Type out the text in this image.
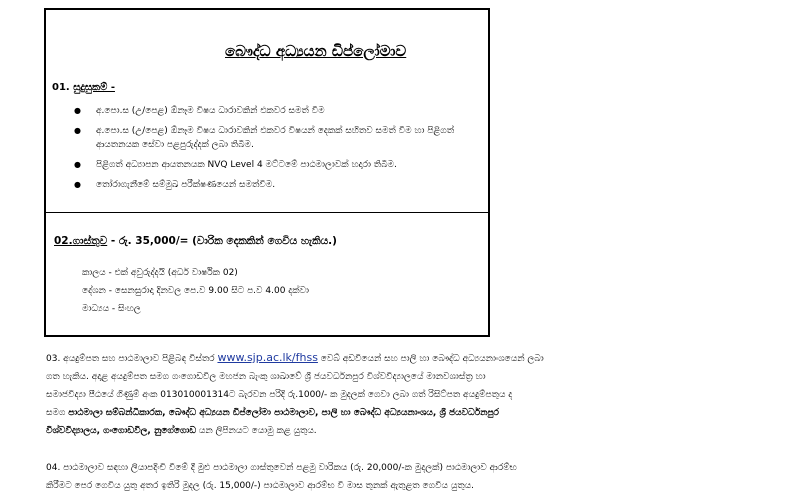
බෞද්ධ අධ්‍යයන ඩිප්ලෝමාව
01. සුදුසුකම් -
● අ.පො.ස (උ/පෙළ) ඕනෑම විෂය ධාරාවකින් එකවර සමත් වීම
● අ.පො.ස (උ/පෙළ) ඕනෑම විෂය ධාරාවකින් එකවර විෂයන් දෙකක් සහිතව සමත් වීම හා පිළිගත් ආයතනයක සේවා පළපුරුද්දක් ලබා තිබීම.
● පිළිගත් අධ්‍යාපන ආයතනයක NVQ Level 4 මට්ටමේ පාඨමාලාවක් හදාරා තිබීම.
● තෝරාගැනීමේ සම්මුඛ පරීක්ෂණයෙන් සමත්වීම.
02.ගාස්තුව - රු. 35,000/= (වාරික දෙකකින් ගෙවිය හැකිය.)
කාලය - එක් අවුරුද්දයි (අර්ධ වාර්ෂික 02)
දේශන - සෙනසුරාදා දිනවල පෙ.ව 9.00 සිට ප.ව 4.00 දක්වා
මාධ්‍යය - සිංහල
03. අයදුම්පත සහ පාඨමාලාව පිළිබඳ විස්තර www.sjp.ac.lk/fhss වෙබ් අඩවියෙන් සහ පාලි හා බෞද්ධ අධ්‍යයනාංශයෙන් ලබා
ගත හැකිය. අදාළ අයදුම්පත සමග ගංගොඩවිල මහජන බැංකු ශාඛාවේ ශ්‍රී ජයවර්ධනපුර විශ්වවිද්‍යාලයේ මානවශාස්ත්‍ර හා
සමාජවිද්‍යා පීඨයේ ගිණුම් අංක 013010001314ට බැරවන පරිදි රු.1000/- ක මුදලක් ගෙවා ලබා ගත් රිසිට්පත අයදුම්පතුය ද
සමග පාඨමාලා සම්බන්ධීකාරක, බෞද්ධ අධ්‍යයන ඩිප්ලෝමා පාඨමාලාව, පාලි හා බෞද්ධ අධ්‍යයනාංශය, ශ්‍රී ජයවර්ධනපුර
විශ්වවිද්‍යාලය, ගංගොඩවිල, නුගේගොඩ යන ලිපිනයට යොමු කළ යුතුය.
04. පාඨමාලාව සඳහා ලියාපදිංචි වීමේ දී මුළු පාඨමාලා ගාස්තුවෙන් පළමු වාරිකය (රු. 20,000/-ක මුදලක්) පාඨමාලාව ආරම්භ
කිරීමට පෙර ගෙවිය යුතු අතර ඉතිරි මුදල (රු. 15,000/-) පාඨමාලාව ආරම්භ වී මාස තුනක් ඇතුළත ගෙවිය යුතුය.
